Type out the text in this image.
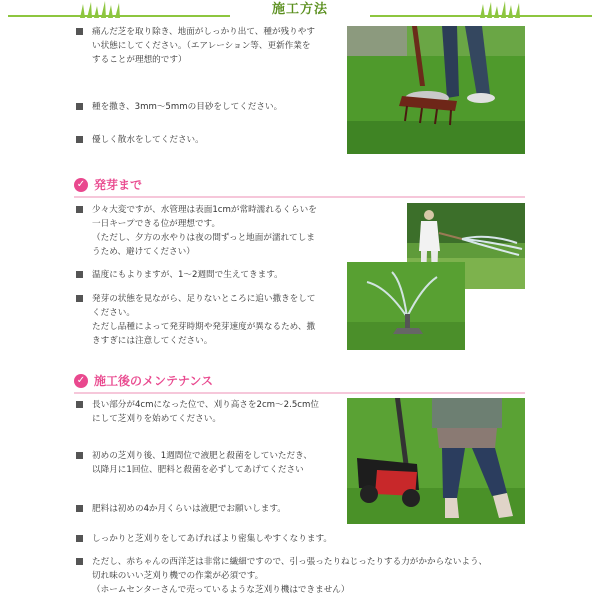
施工方法
痛んだ芝を取り除き、地面がしっかり出て、種が残りやす
い状態にしてください。（エアレーション等、更新作業を
することが理想的です）
種を撒き、3mm〜5mmの目砂をしてください。
優しく散水をしてください。
✓ 発芽まで
少々大変ですが、水管理は表面1cmが常時濡れるくらいを
一日キープできる位が理想です。
（ただし、夕方の水やりは夜の間ずっと地面が濡れてしま
うため、避けてください）
温度にもよりますが、1〜2週間で生えてきます。
発芽の状態を見ながら、足りないところに追い撒きをして
ください。
ただし品種によって発芽時期や発芽速度が異なるため、撒
きすぎには注意してください。
✓ 施工後のメンテナンス
長い部分が4cmになった位で、刈り高さを2cm〜2.5cm位
にして芝刈りを始めてください。
初めの芝刈り後、1週間位で液肥と殺菌をしていただき、
以降月に1回位、肥料と殺菌を必ずしてあげてください
肥料は初めの4か月くらいは液肥でお願いします。
しっかりと芝刈りをしてあげればより密集しやすくなります。
ただし、赤ちゃんの西洋芝は非常に繊細ですので、引っ張ったりねじったりする力がかからないよう、
切れ味のいい芝刈り機での作業が必須です。
（ホームセンターさんで売っているような芝刈り機はできません）
